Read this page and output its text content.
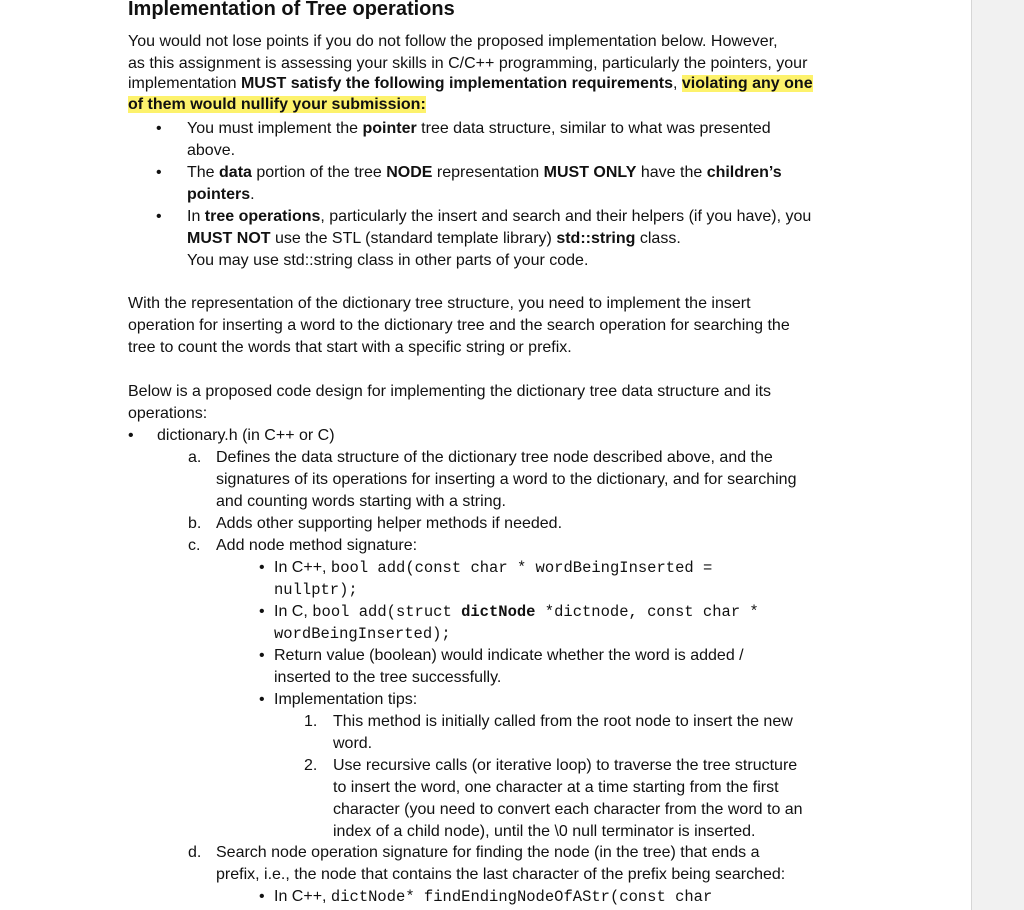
Implementation of Tree operations
You would not lose points if you do not follow the proposed implementation below. However,
as this assignment is assessing your skills in C/C++ programming, particularly the pointers, your
implementation MUST satisfy the following implementation requirements, violating any one
of them would nullify your submission:
• You must implement the pointer tree data structure, similar to what was presented
above.
• The data portion of the tree NODE representation MUST ONLY have the children’s
pointers.
• In tree operations, particularly the insert and search and their helpers (if you have), you
MUST NOT use the STL (standard template library) std::string class.
You may use std::string class in other parts of your code.
With the representation of the dictionary tree structure, you need to implement the insert
operation for inserting a word to the dictionary tree and the search operation for searching the
tree to count the words that start with a specific string or prefix.
Below is a proposed code design for implementing the dictionary tree data structure and its
operations:
• dictionary.h (in C++ or C)
a. Defines the data structure of the dictionary tree node described above, and the
signatures of its operations for inserting a word to the dictionary, and for searching
and counting words starting with a string.
b. Adds other supporting helper methods if needed.
c. Add node method signature:
• In C++, bool add(const char * wordBeingInserted =
nullptr);
• In C, bool add(struct dictNode *dictnode, const char *
wordBeingInserted);
• Return value (boolean) would indicate whether the word is added /
inserted to the tree successfully.
• Implementation tips:
1. This method is initially called from the root node to insert the new
word.
2. Use recursive calls (or iterative loop) to traverse the tree structure
to insert the word, one character at a time starting from the first
character (you need to convert each character from the word to an
index of a child node), until the \0 null terminator is inserted.
d. Search node operation signature for finding the node (in the tree) that ends a
prefix, i.e., the node that contains the last character of the prefix being searched:
• In C++, dictNode* findEndingNodeOfAStr(const char
